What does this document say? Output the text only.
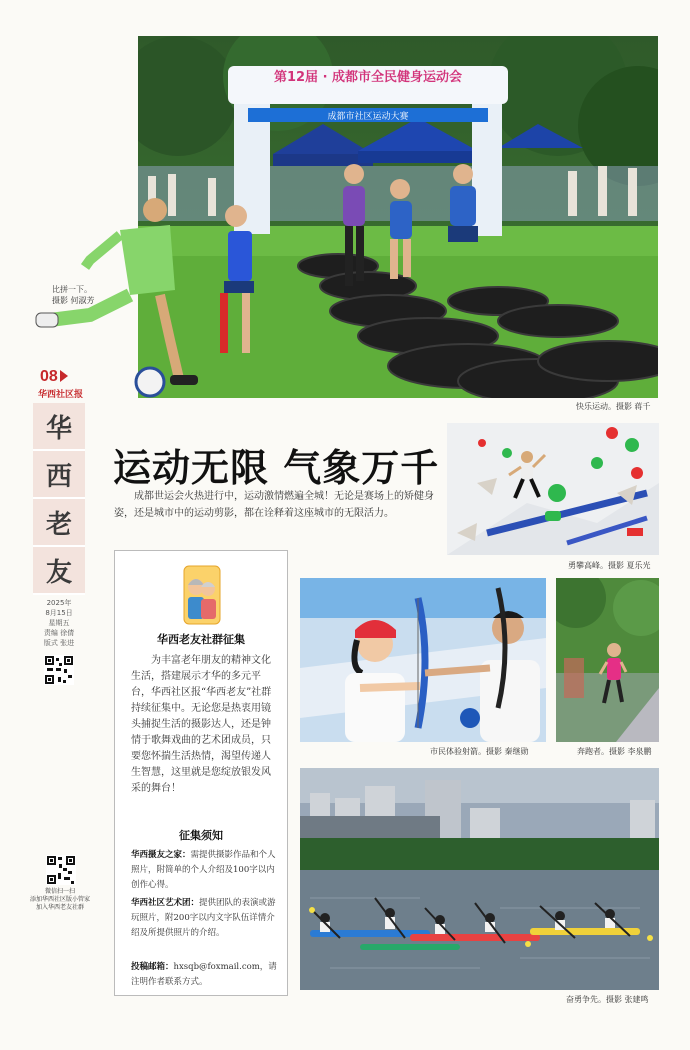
第12届 · 成都市全民健身运动会
成都市社区运动大赛
比拼一下。
摄影 何淑芳
快乐运动。摄影 蒋千
08
华西社区报
华
西
老
友
2025年
8月15日
星期五
责编 徐倩
版式 张进
微信扫一扫
添加华西社区版小管家
加入华西老友社群
运动无限 气象万千
成都世运会火热进行中，运动激情燃遍全城！无论是赛场上的矫健身姿，还是城市中的运动剪影，都在诠释着这座城市的无限活力。
勇攀高峰。摄影 夏乐光
华西老友社群征集
为丰富老年朋友的精神文化生活，搭建展示才华的多元平台，华西社区报“华西老友”社群持续征集中。无论您是热衷用镜头捕捉生活的摄影达人，还是钟情于歌舞戏曲的艺术团成员，只要您怀揣生活热情，渴望传递人生智慧，这里就是您绽放银发风采的舞台！
征集须知
华西摄友之家：需提供摄影作品和个人照片，附简单的个人介绍及100字以内创作心得。
华西社区艺术团：提供团队的表演或游玩照片，附200字以内文字队伍详情介绍及所提供照片的介绍。
投稿邮箱：hxsqb@foxmail.com，请注明作者联系方式。
市民体验射箭。摄影 秦继勋	奔跑者。摄影 李泉鹏
奋勇争先。摄影 张建鸣
